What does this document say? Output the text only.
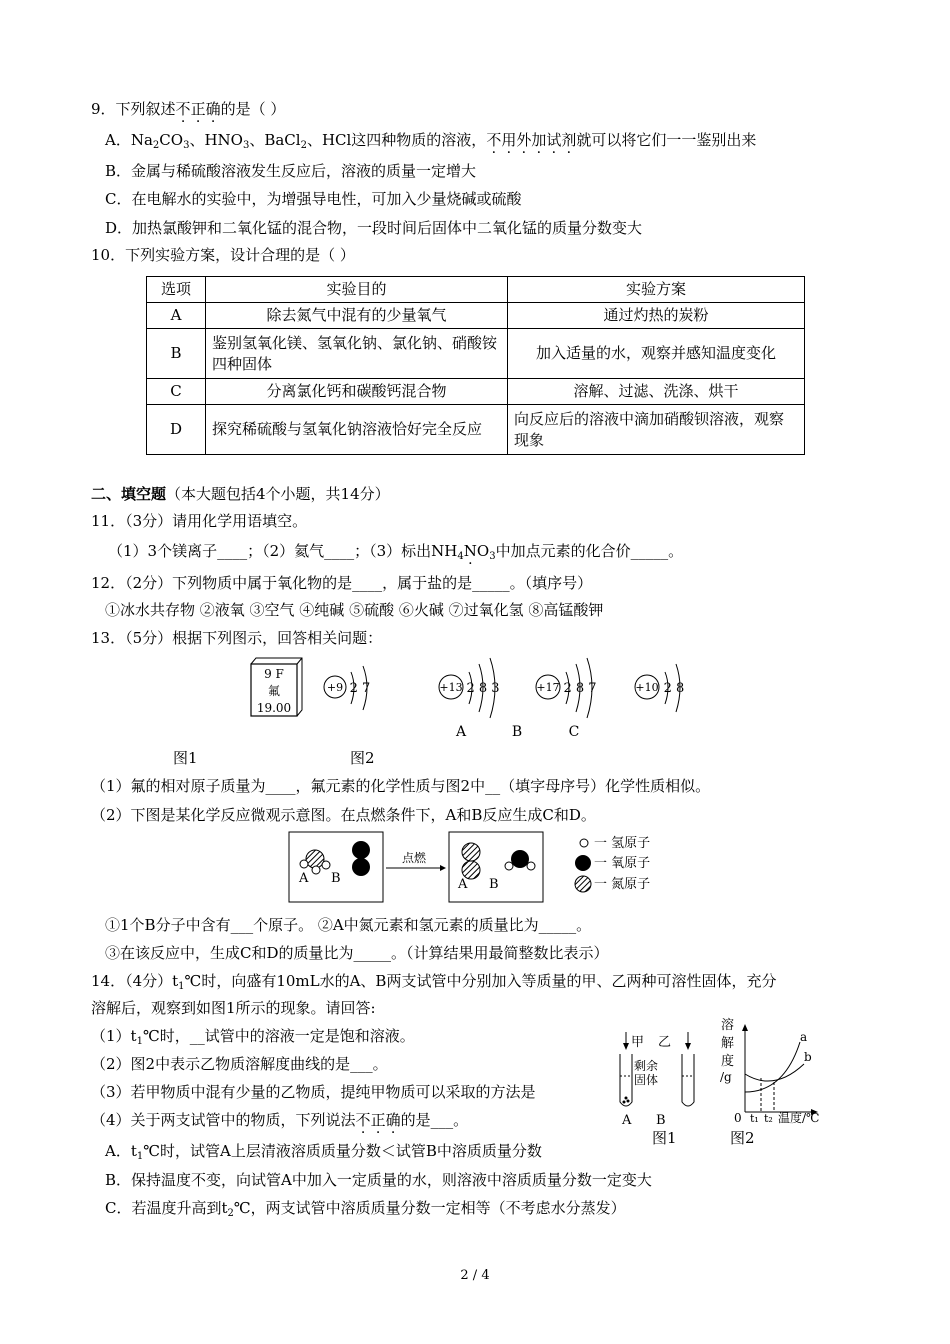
9．下列叙述不正确的是（ ）
A．$Na_2CO_3$、$HNO_3$、BaCl$_2$、HCl这四种物质的溶液，不用外加试剂就可以将它们一一鉴别出来
B．金属与稀硫酸溶液发生反应后，溶液的质量一定增大
C．在电解水的实验中，为增强导电性，可加入少量烧碱或硫酸
D．加热氯酸钾和二氧化锰的混合物，一段时间后固体中二氧化锰的质量分数变大
10．下列实验方案，设计合理的是（ ）
选项	实验目的	实验方案
A	除去氮气中混有的少量氧气	通过灼热的炭粉
B	鉴别氢氧化镁、氢氧化钠、氯化钠、硝酸铵四种固体	加入适量的水，观察并感知温度变化
C	分离氯化钙和碳酸钙混合物	溶解、过滤、洗涤、烘干
D	探究稀硫酸与氢氧化钠溶液恰好完全反应	向反应后的溶液中滴加硝酸钡溶液，观察现象
二、填空题（本大题包括4个小题，共14分）
11．（3分）请用化学用语填空。
（1）3个镁离子____；（2）氦气____；（3）标出$NH_4N \cdot O_3$中加点元素的化合价_____。
12．（2分）下列物质中属于氧化物的是____，属于盐的是_____。（填序号）
①冰水共存物 ②液氧 ③空气 ④纯碱 ⑤硫酸 ⑥火碱 ⑦过氧化氢 ⑧高锰酸钾
13．（5分）根据下列图示，回答相关问题：
9 F
氟
19.00
+9 2 7	+13 2 8 3	+17 2 8 7	+10 2 8
A	B	C
图1	图2
（1）氟的相对原子质量为____，氟元素的化学性质与图2中__（填字母序号）化学性质相似。
（2）下图是某化学反应微观示意图。在点燃条件下，A和B反应生成C和D。
A B
点燃
A B
一 氢原子
一 氧原子
一 氮原子
①1个B分子中含有___个原子。 ②A中氮元素和氢元素的质量比为_____。
③在该反应中，生成C和D的质量比为_____。（计算结果用最简整数比表示）
14．（4分）$t_1℃$时，向盛有10mL水的A、B两支试管中分别加入等质量的甲、乙两种可溶性固体，充分
溶解后，观察到如图1所示的现象。请回答:
$(1)t_1℃$时，__试管中的溶液一定是饱和溶液。
（2）图2中表示乙物质溶解度曲线的是___。
（3）若甲物质中混有少量的乙物质，提纯甲物质可以采取的方法是
（4）关于两支试管中的物质，下列说法不正确的是___。
A．$t_1℃$时，试管A上层清液溶质质量分数＜试管B中溶质质量分数
B．保持温度不变，向试管A中加入一定质量的水，则溶液中溶质质量分数一定变大
C．若温度升高到$t_2℃$，两支试管中溶质质量分数一定相等（不考虑水分蒸发）
甲 乙
剩余
固体
A B
溶
解
度
/g
a
b
0 t₁ t₂ 温度/℃
图1	图2
2 / 4
